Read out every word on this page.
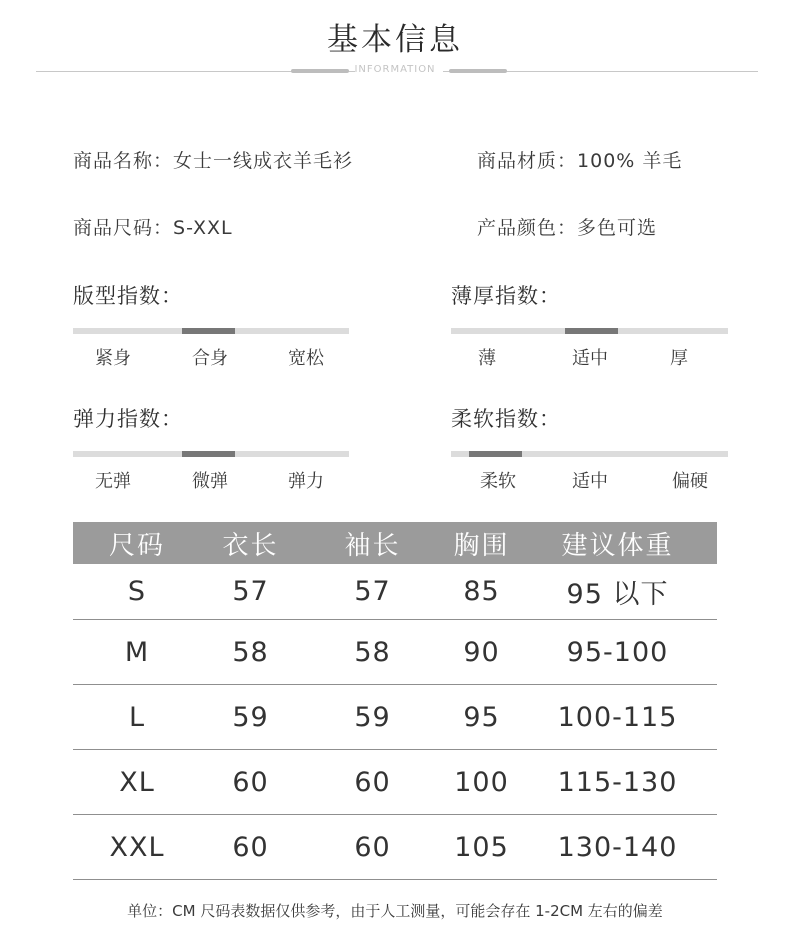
基本信息
INFORMATION
商品名称：女士一线成衣羊毛衫	商品材质：100% 羊毛
商品尺码：S-XXL	产品颜色：多色可选
版型指数：
紧身	合身	宽松
薄厚指数：
薄	适中	厚
弹力指数：
无弹	微弹	弹力
柔软指数：
柔软	适中	偏硬
尺码	衣长	袖长	胸围	建议体重
S	57	57	85	95 以下
M	58	58	90	95-100
L	59	59	95	100-115
XL	60	60	100	115-130
XXL	60	60	105	130-140
单位：CM 尺码表数据仅供参考，由于人工测量，可能会存在 1-2CM 左右的偏差
